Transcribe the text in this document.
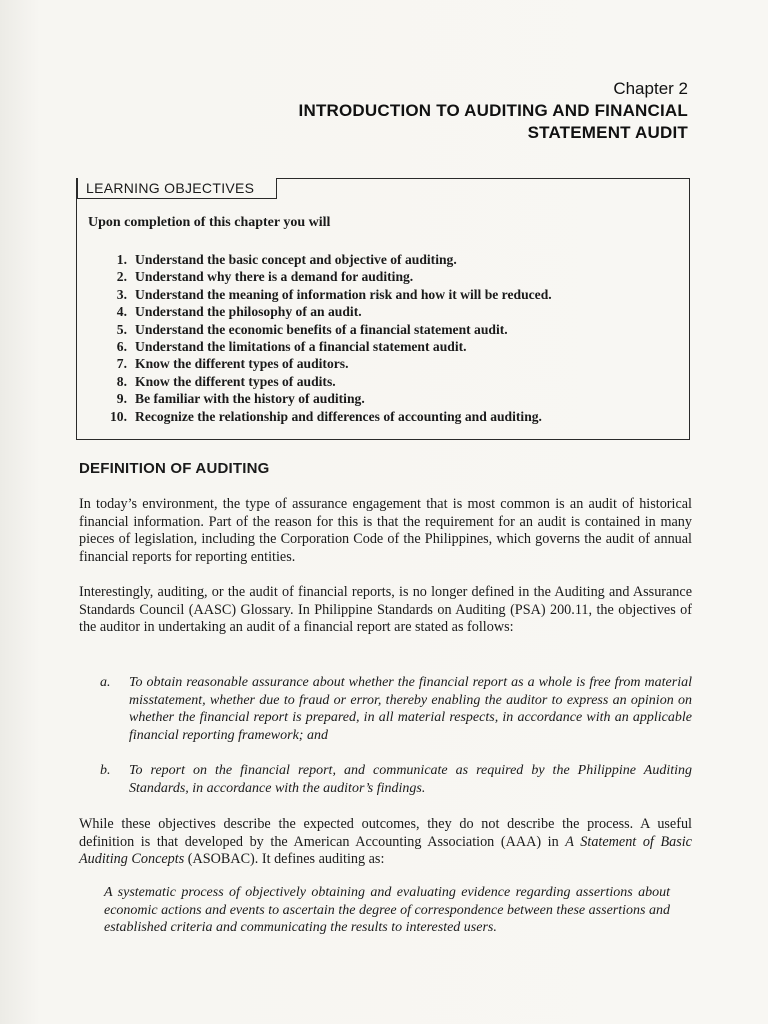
Chapter 2
INTRODUCTION TO AUDITING AND FINANCIAL
STATEMENT AUDIT
LEARNING OBJECTIVES
Upon completion of this chapter you will
1. Understand the basic concept and objective of auditing.
2. Understand why there is a demand for auditing.
3. Understand the meaning of information risk and how it will be reduced.
4. Understand the philosophy of an audit.
5. Understand the economic benefits of a financial statement audit.
6. Understand the limitations of a financial statement audit.
7. Know the different types of auditors.
8. Know the different types of audits.
9. Be familiar with the history of auditing.
10. Recognize the relationship and differences of accounting and auditing.
DEFINITION OF AUDITING

In today’s environment, the type of assurance engagement that is most common is an audit of historical financial information. Part of the reason for this is that the requirement for an audit is contained in many pieces of legislation, including the Corporation Code of the Philippines, which governs the audit of annual financial reports for reporting entities.

Interestingly, auditing, or the audit of financial reports, is no longer defined in the Auditing and Assurance Standards Council (AASC) Glossary. In Philippine Standards on Auditing (PSA) 200.11, the objectives of the auditor in undertaking an audit of a financial report are stated as follows:

a.	To obtain reasonable assurance about whether the financial report as a whole is free from material misstatement, whether due to fraud or error, thereby enabling the auditor to express an opinion on whether the financial report is prepared, in all material respects, in accordance with an applicable financial reporting framework; and
b.	To report on the financial report, and communicate as required by the Philippine Auditing Standards, in accordance with the auditor’s findings.

While these objectives describe the expected outcomes, they do not describe the process. A useful definition is that developed by the American Accounting Association (AAA) in A Statement of Basic Auditing Concepts (ASOBAC). It defines auditing as:

A systematic process of objectively obtaining and evaluating evidence regarding assertions about economic actions and events to ascertain the degree of correspondence between these assertions and established criteria and communicating the results to interested users.
